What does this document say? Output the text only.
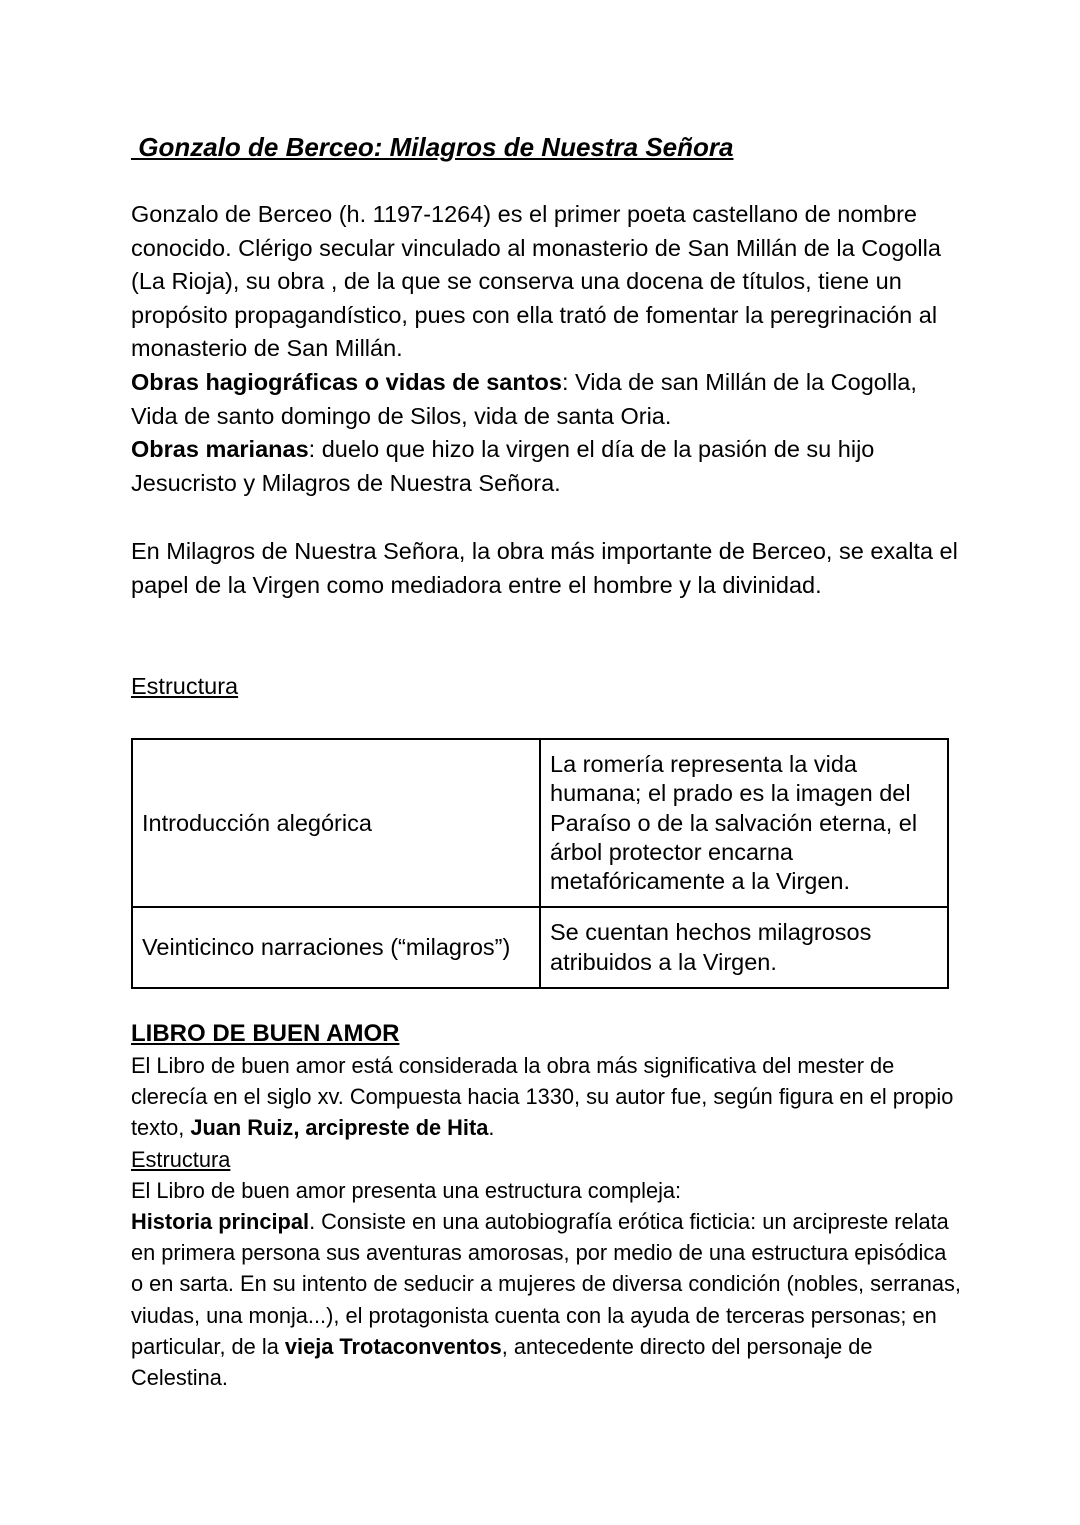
Gonzalo de Berceo: Milagros de Nuestra Señora

Gonzalo de Berceo (h. 1197-1264) es el primer poeta castellano de nombre conocido. Clérigo secular vinculado al monasterio de San Millán de la Cogolla (La Rioja), su obra , de la que se conserva una docena de títulos, tiene un propósito propagandístico, pues con ella trató de fomentar la peregrinación al monasterio de San Millán.

Obras hagiográficas o vidas de santos: Vida de san Millán de la Cogolla, Vida de santo domingo de Silos, vida de santa Oria.

Obras marianas: duelo que hizo la virgen el día de la pasión de su hijo Jesucristo y Milagros de Nuestra Señora.

En Milagros de Nuestra Señora, la obra más importante de Berceo, se exalta el papel de la Virgen como mediadora entre el hombre y la divinidad.

Estructura
Introducción alegórica	La romería representa la vida humana; el prado es la imagen del Paraíso o de la salvación eterna, el árbol protector encarna metafóricamente a la Virgen.
Veinticinco narraciones (“milagros”)	Se cuentan hechos milagrosos atribuidos a la Virgen.
LIBRO DE BUEN AMOR

El Libro de buen amor está considerada la obra más significativa del mester de clerecía en el siglo xv. Compuesta hacia 1330, su autor fue, según figura en el propio texto, Juan Ruiz, arcipreste de Hita.

Estructura

El Libro de buen amor presenta una estructura compleja:

Historia principal. Consiste en una autobiografía erótica ficticia: un arcipreste relata en primera persona sus aventuras amorosas, por medio de una estructura episódica o en sarta. En su intento de seducir a mujeres de diversa condición (nobles, serranas, viudas, una monja...), el protagonista cuenta con la ayuda de terceras personas; en particular, de la vieja Trotaconventos, antecedente directo del personaje de Celestina.
